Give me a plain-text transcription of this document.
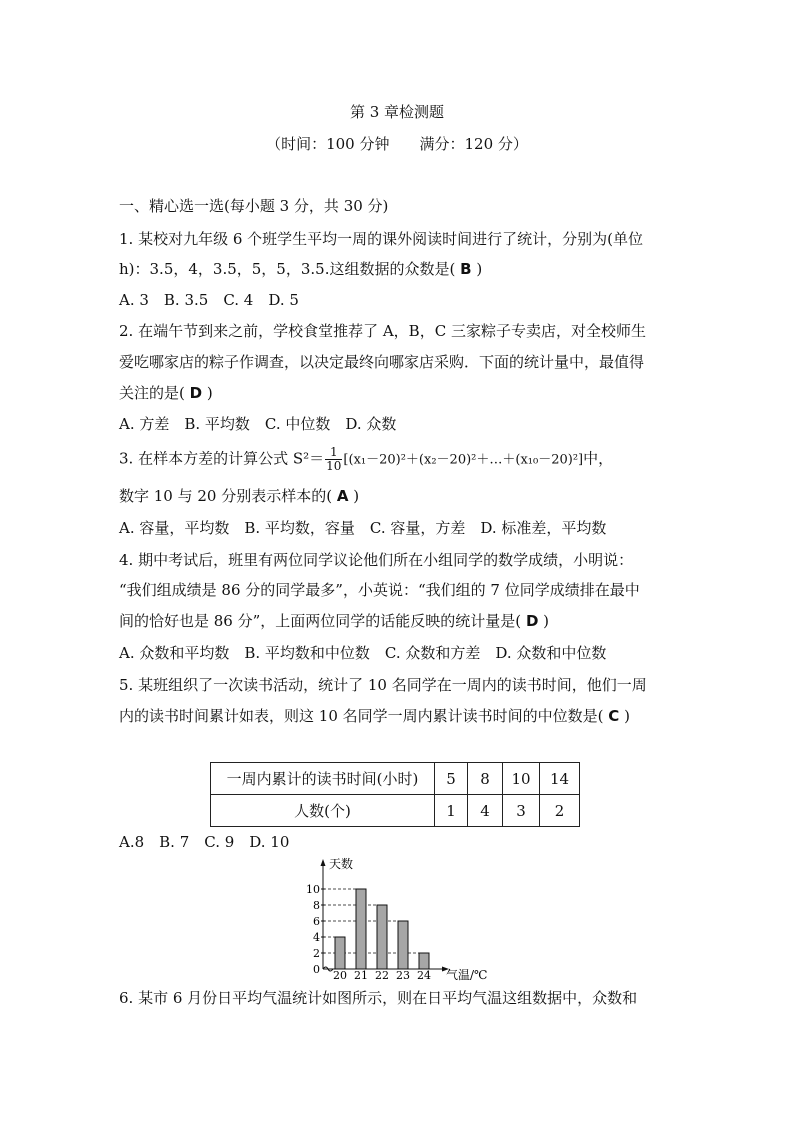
第 3 章检测题
（时间：100 分钟　　满分：120 分）
一、精心选一选(每小题 3 分，共 30 分)
1. 某校对九年级 6 个班学生平均一周的课外阅读时间进行了统计，分别为(单位
h)：3.5，4，3.5，5，5，3.5.这组数据的众数是( B )
A. 3　B. 3.5　C. 4　D. 5
2. 在端午节到来之前，学校食堂推荐了 A，B，C 三家粽子专卖店，对全校师生
爱吃哪家店的粽子作调查，以决定最终向哪家店采购．下面的统计量中，最值得
关注的是( D )
A. 方差　B. 平均数　C. 中位数　D. 众数
3. 在样本方差的计算公式 $S^2= \frac{1}{10}$ [(x₁－20)²＋(x₂－20)²＋…＋(x₁₀－20)²]中，
数字 10 与 20 分别表示样本的( A )
A. 容量，平均数　B. 平均数，容量　C. 容量，方差　D. 标准差，平均数
4. 期中考试后，班里有两位同学议论他们所在小组同学的数学成绩，小明说：
“我们组成绩是 86 分的同学最多”，小英说：“我们组的 7 位同学成绩排在最中
间的恰好也是 86 分”，上面两位同学的话能反映的统计量是( D )
A. 众数和平均数　B. 平均数和中位数　C. 众数和方差　D. 众数和中位数
5. 某班组织了一次读书活动，统计了 10 名同学在一周内的读书时间，他们一周
内的读书时间累计如表，则这 10 名同学一周内累计读书时间的中位数是( C )
一周内累计的读书时间(小时)	5	8	10	14
人数(个)	1	4	3	2
A.8　B. 7　C. 9　D. 10
天数
气温/℃
0
2
4
6
8
10
20 21 22 23 24
6. 某市 6 月份日平均气温统计如图所示，则在日平均气温这组数据中，众数和
